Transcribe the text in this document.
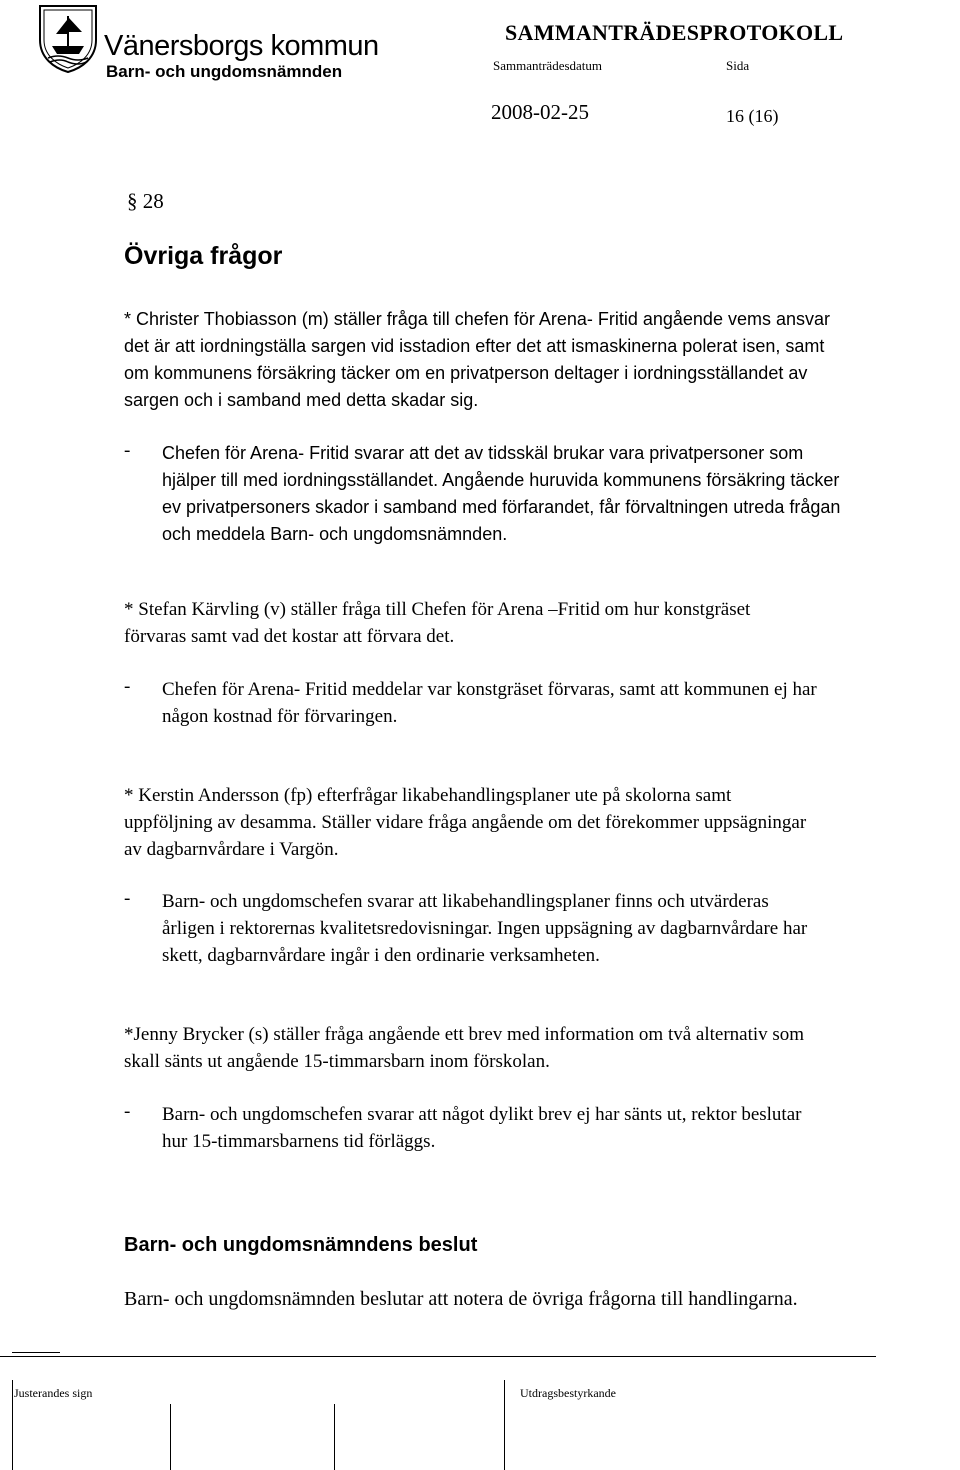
Vänersborgs kommun
Barn- och ungdomsnämnden
SAMMANTRÄDESPROTOKOLL
Sammanträdesdatum	Sida
2008-02-25	16 (16)
§ 28
Övriga frågor
* Christer Thobiasson (m) ställer fråga till chefen för Arena- Fritid angående vems ansvar
det är att iordningställa sargen vid isstadion efter det att ismaskinerna polerat isen, samt
om kommunens försäkring täcker om en privatperson deltager i iordningsställandet av
sargen och i samband med detta skadar sig.
- Chefen för Arena- Fritid svarar att det av tidsskäl brukar vara privatpersoner som
hjälper till med iordningsställandet. Angående huruvida kommunens försäkring täcker
ev privatpersoners skador i samband med förfarandet, får förvaltningen utreda frågan
och meddela Barn- och ungdomsnämnden.
* Stefan Kärvling (v) ställer fråga till Chefen för Arena –Fritid om hur konstgräset
förvaras samt vad det kostar att förvara det.
- Chefen för Arena- Fritid meddelar var konstgräset förvaras, samt att kommunen ej har
någon kostnad för förvaringen.
* Kerstin Andersson (fp) efterfrågar likabehandlingsplaner ute på skolorna samt
uppföljning av desamma. Ställer vidare fråga angående om det förekommer uppsägningar
av dagbarnvårdare i Vargön.
- Barn- och ungdomschefen svarar att likabehandlingsplaner finns och utvärderas
årligen i rektorernas kvalitetsredovisningar. Ingen uppsägning av dagbarnvårdare har
skett, dagbarnvårdare ingår i den ordinarie verksamheten.
*Jenny Brycker (s) ställer fråga angående ett brev med information om två alternativ som
skall sänts ut angående 15-timmarsbarn inom förskolan.
- Barn- och ungdomschefen svarar att något dylikt brev ej har sänts ut, rektor beslutar
hur 15-timmarsbarnens tid förläggs.
Barn- och ungdomsnämndens beslut
Barn- och ungdomsnämnden beslutar att notera de övriga frågorna till handlingarna.
Justerandes sign	Utdragsbestyrkande
